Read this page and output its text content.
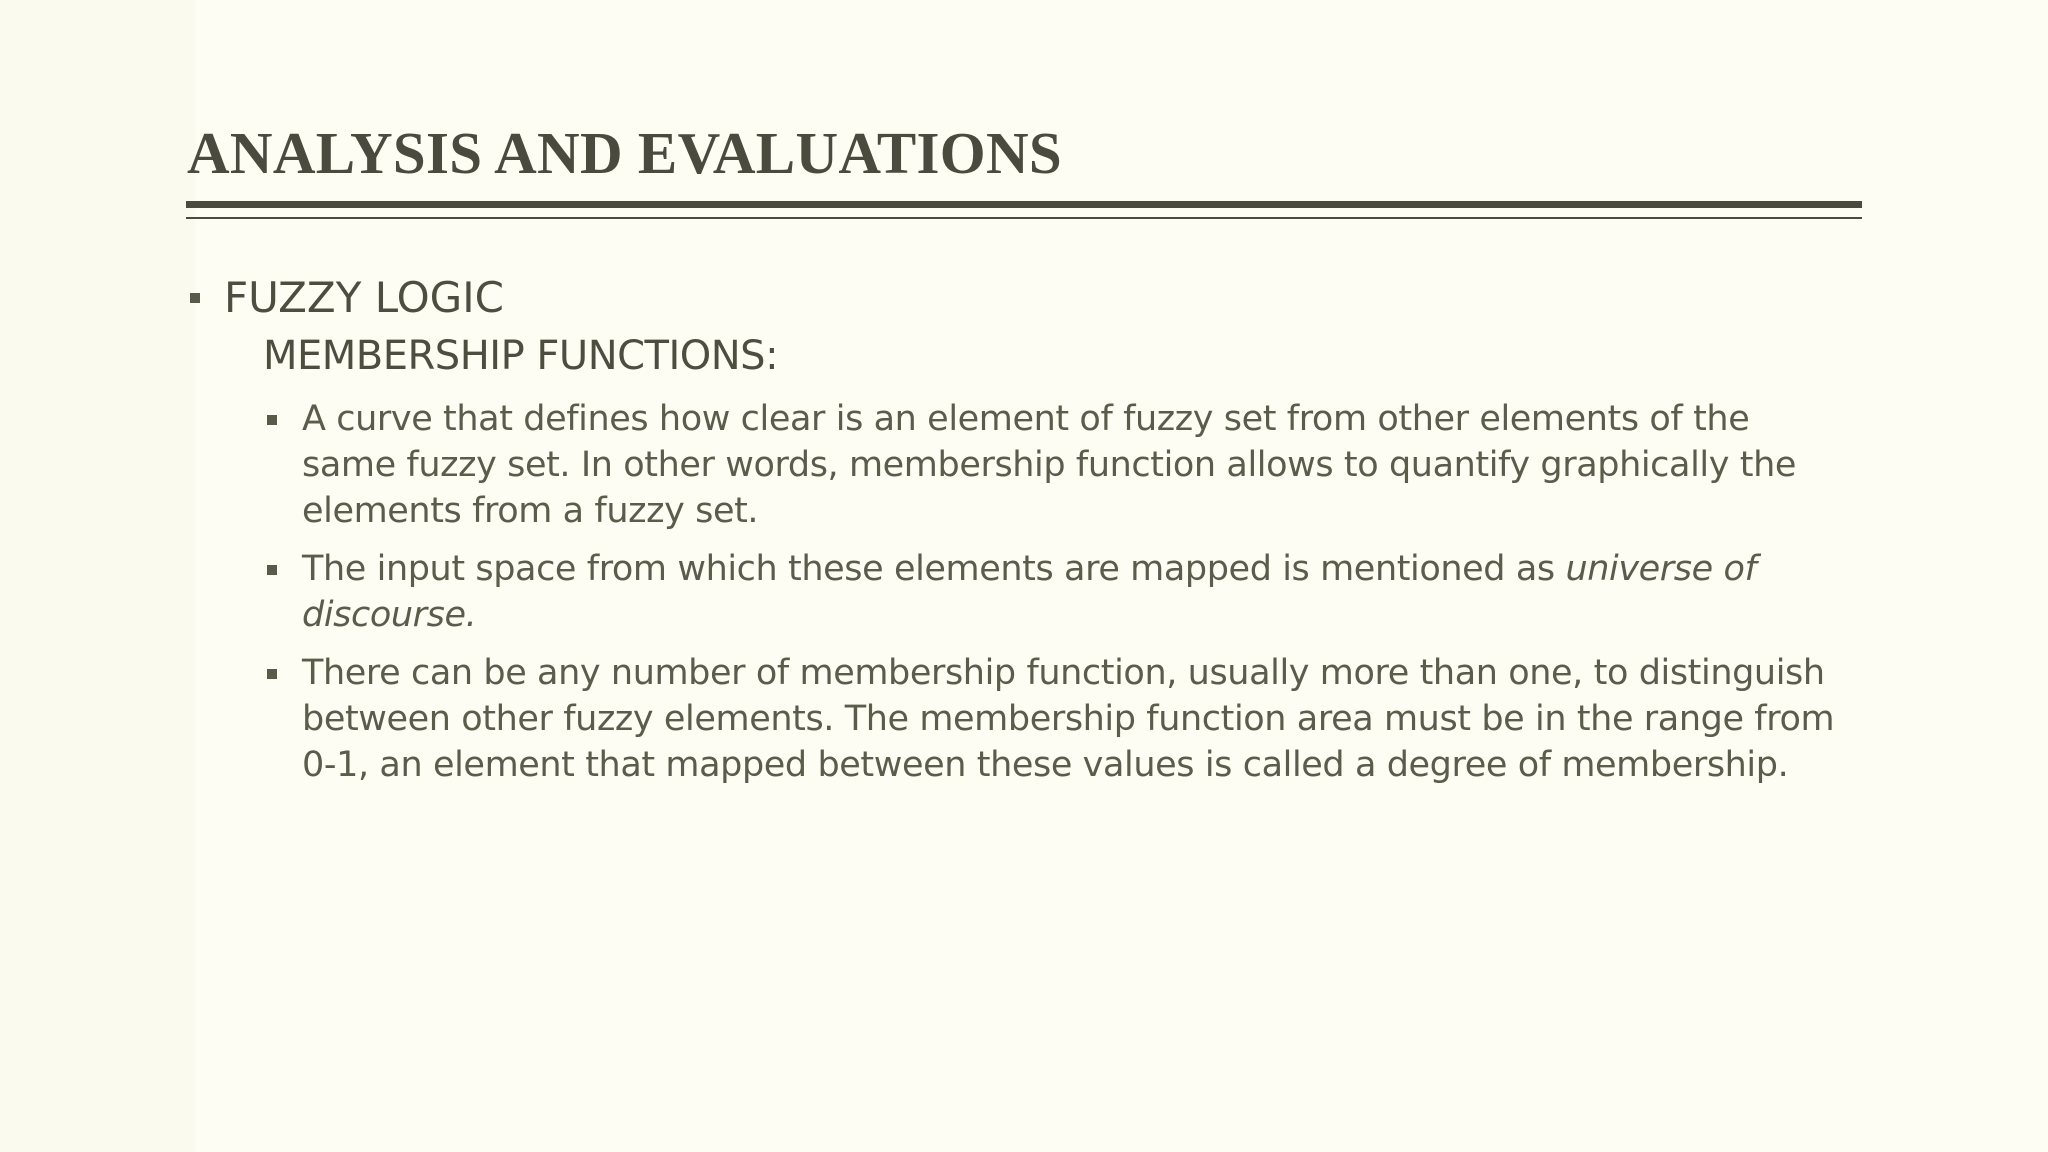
ANALYSIS AND EVALUATIONS
FUZZY LOGIC
MEMBERSHIP FUNCTIONS:
A curve that defines how clear is an element of fuzzy set from other elements of the
same fuzzy set. In other words, membership function allows to quantify graphically the
elements from a fuzzy set.
The input space from which these elements are mapped is mentioned as universe of
discourse.
There can be any number of membership function, usually more than one, to distinguish
between other fuzzy elements. The membership function area must be in the range from
0-1, an element that mapped between these values is called a degree of membership.
